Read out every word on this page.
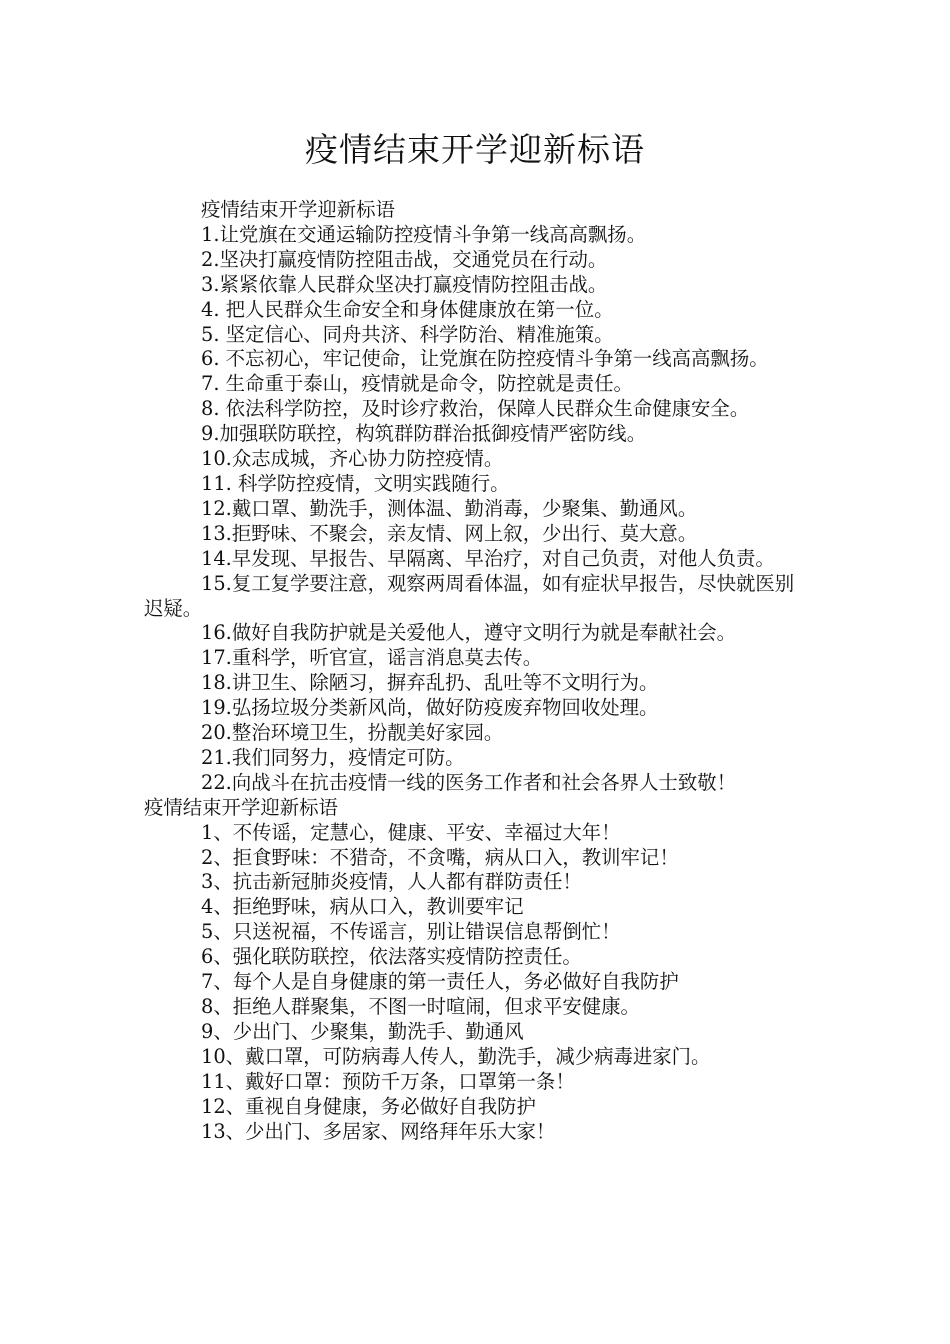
疫情结束开学迎新标语

疫情结束开学迎新标语

1.让党旗在交通运输防控疫情斗争第一线高高飘扬。

2.坚决打赢疫情防控阻击战，交通党员在行动。

3.紧紧依靠人民群众坚决打赢疫情防控阻击战。

4. 把人民群众生命安全和身体健康放在第一位。

5. 坚定信心、同舟共济、科学防治、精准施策。

6. 不忘初心，牢记使命，让党旗在防控疫情斗争第一线高高飘扬。

7. 生命重于泰山，疫情就是命令，防控就是责任。

8. 依法科学防控，及时诊疗救治，保障人民群众生命健康安全。

9.加强联防联控，构筑群防群治抵御疫情严密防线。

10.众志成城，齐心协力防控疫情。

11. 科学防控疫情，文明实践随行。

12.戴口罩、勤洗手，测体温、勤消毒，少聚集、勤通风。

13.拒野味、不聚会，亲友情、网上叙，少出行、莫大意。

14.早发现、早报告、早隔离、早治疗，对自己负责，对他人负责。

15.复工复学要注意，观察两周看体温，如有症状早报告，尽快就医别迟疑。

16.做好自我防护就是关爱他人，遵守文明行为就是奉献社会。

17.重科学，听官宣，谣言消息莫去传。

18.讲卫生、除陋习，摒弃乱扔、乱吐等不文明行为。

19.弘扬垃圾分类新风尚，做好防疫废弃物回收处理。

20.整治环境卫生，扮靓美好家园。

21.我们同努力，疫情定可防。

22.向战斗在抗击疫情一线的医务工作者和社会各界人士致敬！

疫情结束开学迎新标语

1、不传谣，定慧心，健康、平安、幸福过大年！

2、拒食野味：不猎奇，不贪嘴，病从口入，教训牢记！

3、抗击新冠肺炎疫情，人人都有群防责任！

4、拒绝野味，病从口入，教训要牢记

5、只送祝福，不传谣言，别让错误信息帮倒忙！

6、强化联防联控，依法落实疫情防控责任。

7、每个人是自身健康的第一责任人，务必做好自我防护

8、拒绝人群聚集，不图一时喧闹，但求平安健康。

9、少出门、少聚集，勤洗手、勤通风

10、戴口罩，可防病毒人传人，勤洗手，减少病毒进家门。

11、戴好口罩：预防千万条，口罩第一条！

12、重视自身健康，务必做好自我防护

13、少出门、多居家、网络拜年乐大家！
